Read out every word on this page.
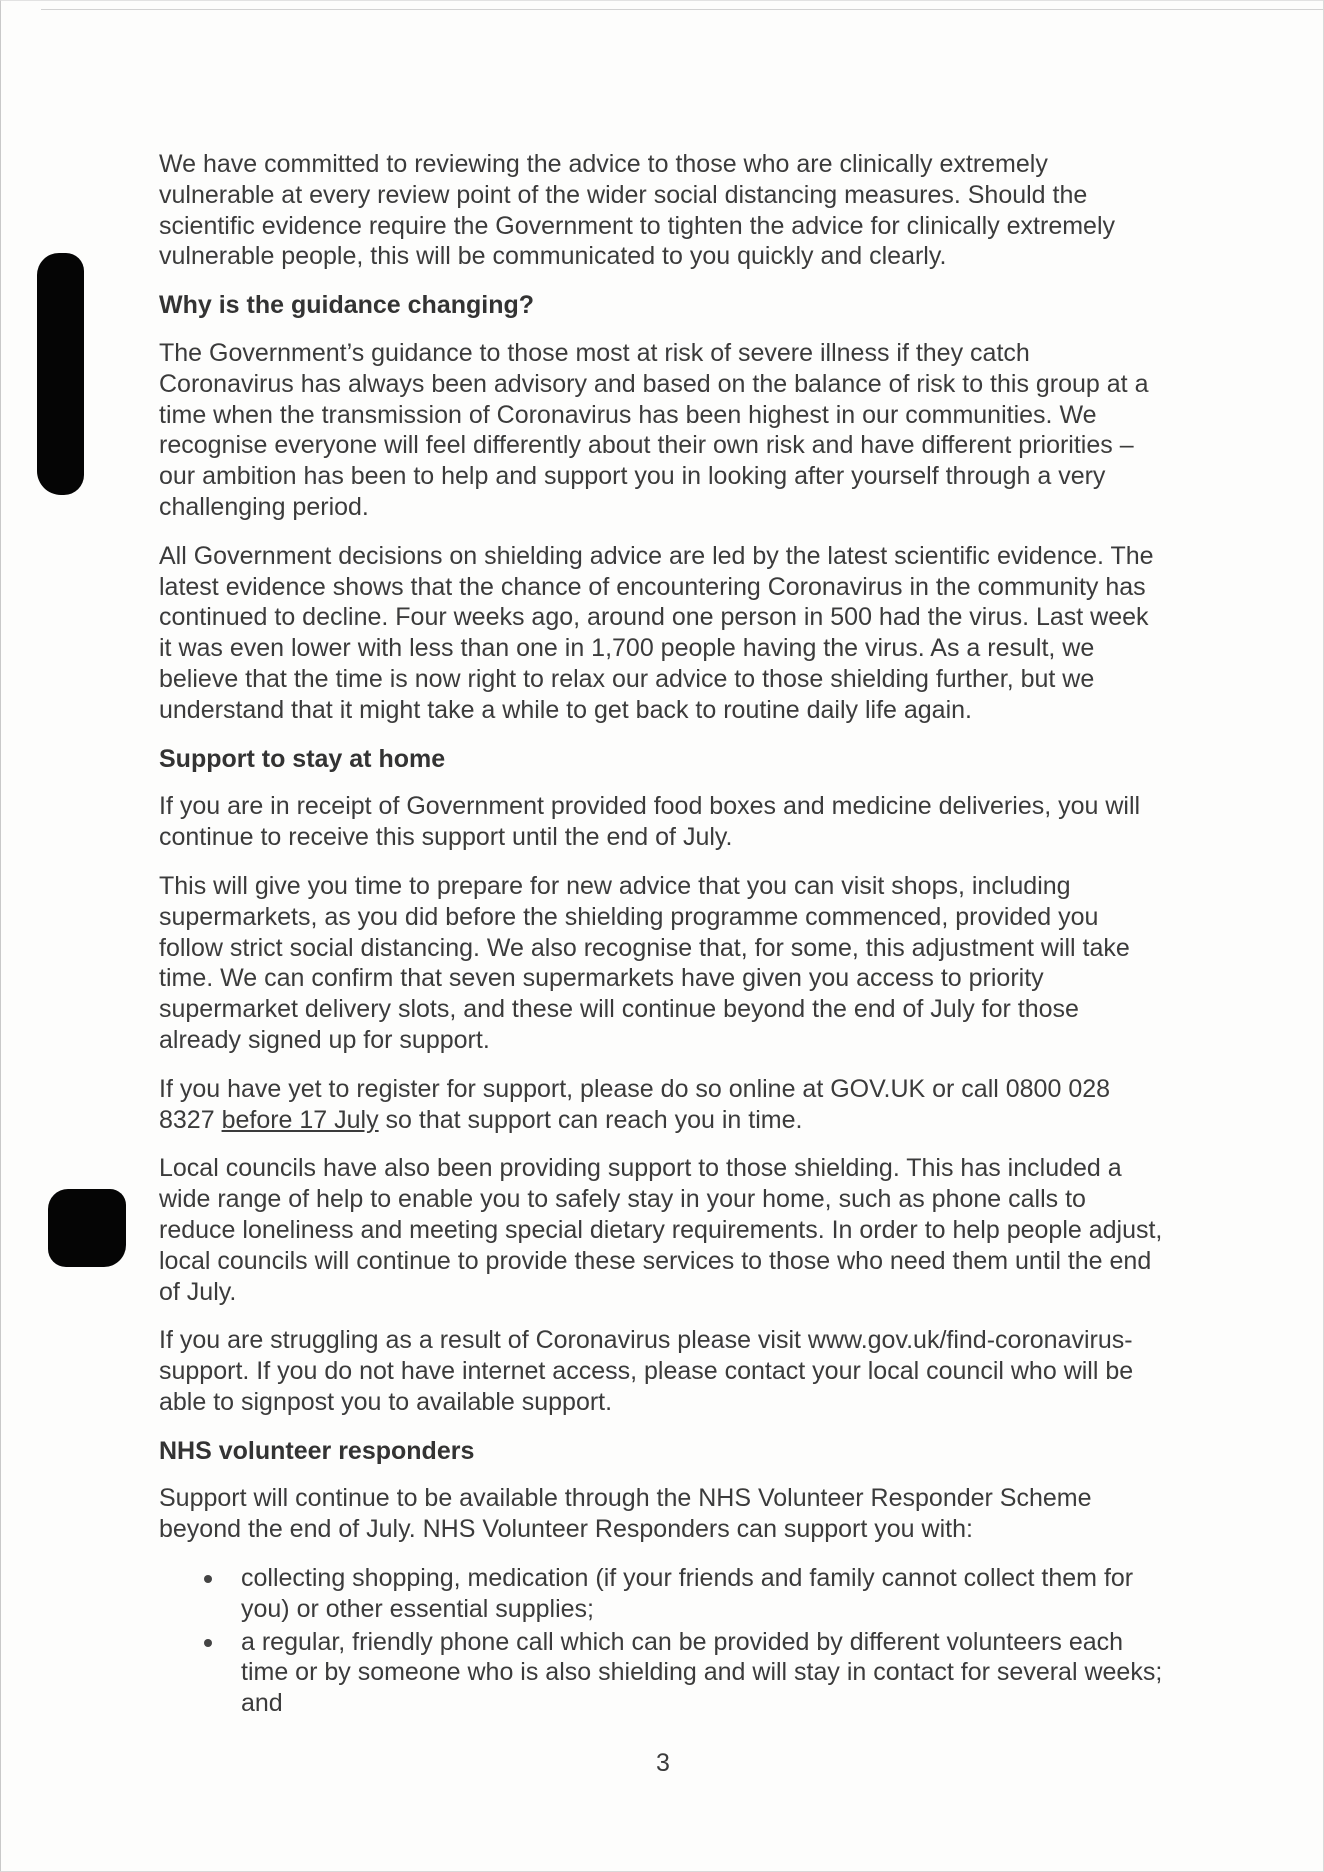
We have committed to reviewing the advice to those who are clinically extremely
vulnerable at every review point of the wider social distancing measures. Should the
scientific evidence require the Government to tighten the advice for clinically extremely
vulnerable people, this will be communicated to you quickly and clearly.

Why is the guidance changing?

The Government’s guidance to those most at risk of severe illness if they catch
Coronavirus has always been advisory and based on the balance of risk to this group at a
time when the transmission of Coronavirus has been highest in our communities. We
recognise everyone will feel differently about their own risk and have different priorities –
our ambition has been to help and support you in looking after yourself through a very
challenging period.

All Government decisions on shielding advice are led by the latest scientific evidence. The
latest evidence shows that the chance of encountering Coronavirus in the community has
continued to decline. Four weeks ago, around one person in 500 had the virus. Last week
it was even lower with less than one in 1,700 people having the virus. As a result, we
believe that the time is now right to relax our advice to those shielding further, but we
understand that it might take a while to get back to routine daily life again.

Support to stay at home

If you are in receipt of Government provided food boxes and medicine deliveries, you will
continue to receive this support until the end of July.

This will give you time to prepare for new advice that you can visit shops, including
supermarkets, as you did before the shielding programme commenced, provided you
follow strict social distancing. We also recognise that, for some, this adjustment will take
time. We can confirm that seven supermarkets have given you access to priority
supermarket delivery slots, and these will continue beyond the end of July for those
already signed up for support.

If you have yet to register for support, please do so online at GOV.UK or call 0800 028
8327 before 17 July so that support can reach you in time.

Local councils have also been providing support to those shielding. This has included a
wide range of help to enable you to safely stay in your home, such as phone calls to
reduce loneliness and meeting special dietary requirements. In order to help people adjust,
local councils will continue to provide these services to those who need them until the end
of July.

If you are struggling as a result of Coronavirus please visit www.gov.uk/find-coronavirus-
support. If you do not have internet access, please contact your local council who will be
able to signpost you to available support.

NHS volunteer responders

Support will continue to be available through the NHS Volunteer Responder Scheme
beyond the end of July. NHS Volunteer Responders can support you with:

collecting shopping, medication (if your friends and family cannot collect them for
you) or other essential supplies;
a regular, friendly phone call which can be provided by different volunteers each
time or by someone who is also shielding and will stay in contact for several weeks;
and
3
